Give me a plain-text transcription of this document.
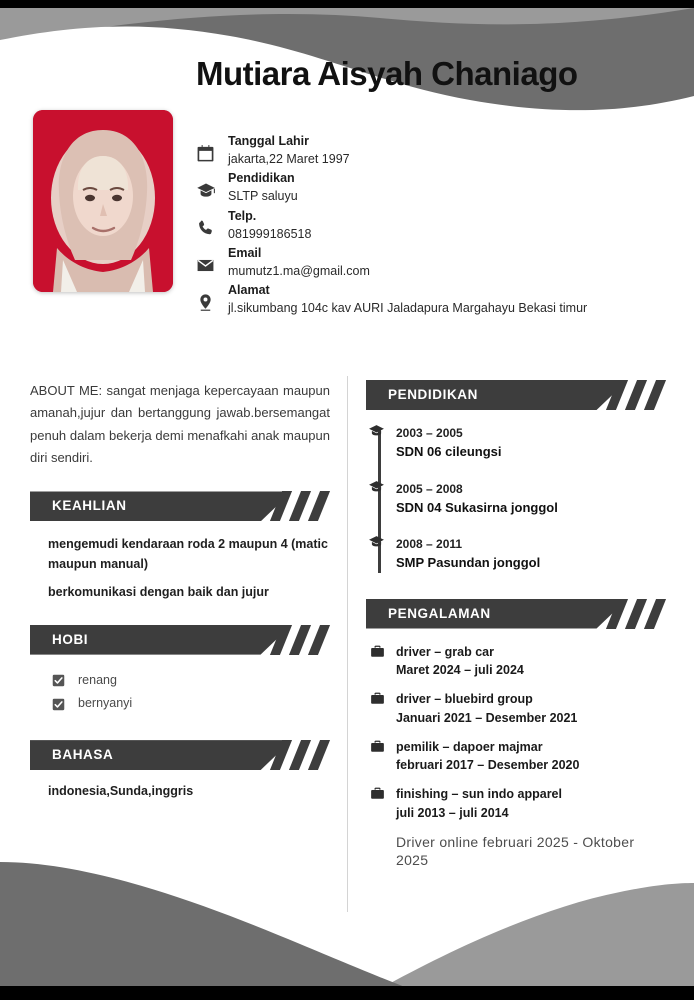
Mutiara Aisyah Chaniago
Tanggal Lahir
jakarta,22 Maret 1997
Pendidikan
SLTP saluyu
Telp.
081999186518
Email
mumutz1.ma@gmail.com
Alamat
jl.sikumbang 104c kav AURI Jaladapura Margahayu Bekasi timur
ABOUT ME: sangat menjaga kepercayaan maupun amanah,jujur dan bertanggung jawab.bersemangat penuh dalam bekerja demi menafkahi anak maupun diri sendiri.
KEAHLIAN
mengemudi kendaraan roda 2 maupun 4 (matic maupun manual)
berkomunikasi dengan baik dan jujur
HOBI
renang
bernyanyi
BAHASA
indonesia,Sunda,inggris
PENDIDIKAN
2003 – 2005
SDN 06 cileungsi
2005 – 2008
SDN 04 Sukasirna jonggol
2008 – 2011
SMP Pasundan jonggol
PENGALAMAN
driver – grab car
Maret 2024 – juli 2024
driver – bluebird group
Januari 2021 – Desember 2021
pemilik – dapoer majmar
februari 2017 – Desember 2020
finishing – sun indo apparel
juli 2013 – juli 2014
Driver online februari 2025 - Oktober 2025
